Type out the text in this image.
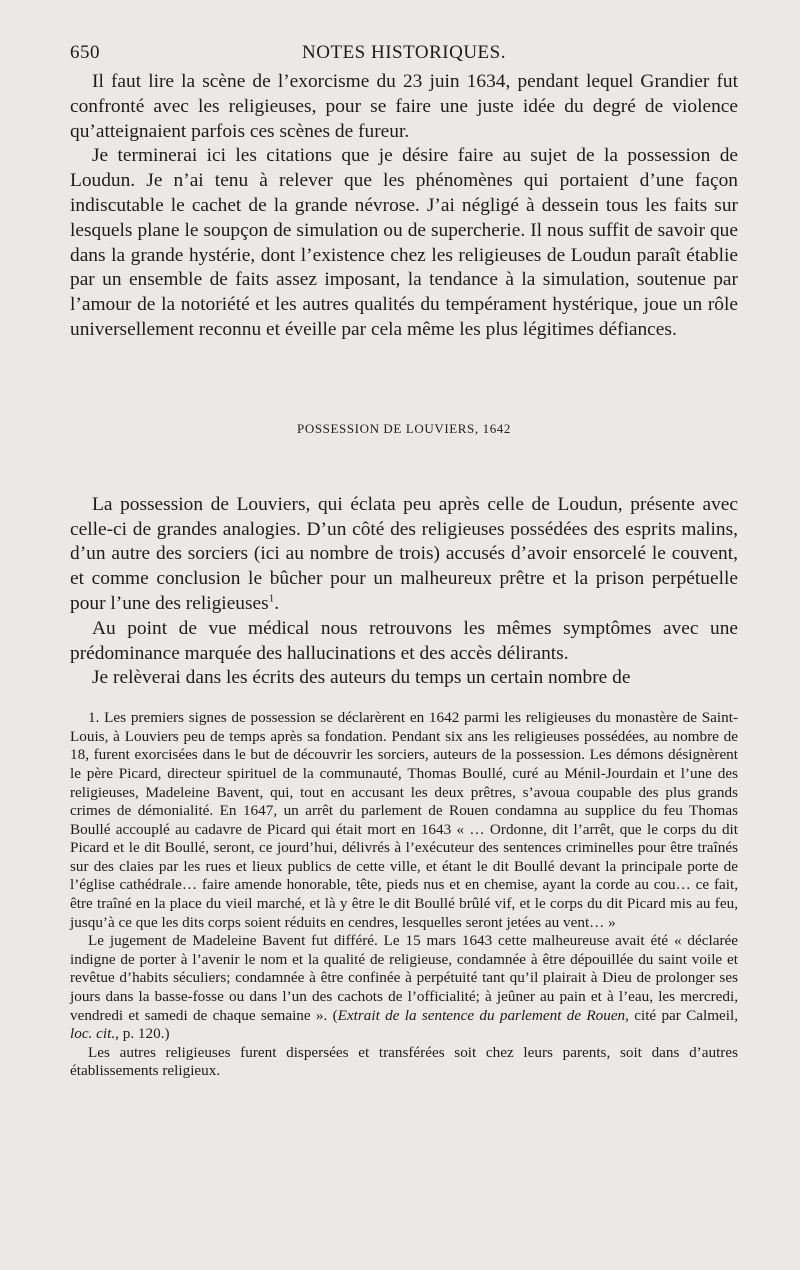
650	NOTES HISTORIQUES.

Il faut lire la scène de l’exorcisme du 23 juin 1634, pendant lequel Grandier fut confronté avec les religieuses, pour se faire une juste idée du degré de violence qu’atteignaient parfois ces scènes de fureur.

Je terminerai ici les citations que je désire faire au sujet de la possession de Loudun. Je n’ai tenu à relever que les phénomènes qui portaient d’une façon indiscutable le cachet de la grande névrose. J’ai négligé à dessein tous les faits sur lesquels plane le soupçon de simulation ou de supercherie. Il nous suffit de savoir que dans la grande hystérie, dont l’existence chez les religieuses de Loudun paraît établie par un ensemble de faits assez imposant, la tendance à la simulation, soutenue par l’amour de la notoriété et les autres qualités du tempérament hystérique, joue un rôle universellement reconnu et éveille par cela même les plus légitimes défiances.

POSSESSION DE LOUVIERS, 1642

La possession de Louviers, qui éclata peu après celle de Loudun, présente avec celle-ci de grandes analogies. D’un côté des religieuses possédées des esprits malins, d’un autre des sorciers (ici au nombre de trois) accusés d’avoir ensorcelé le couvent, et comme conclusion le bûcher pour un malheureux prêtre et la prison perpétuelle pour l’une des religieuses$^1$.

Au point de vue médical nous retrouvons les mêmes symptômes avec une prédominance marquée des hallucinations et des accès délirants.

Je relèverai dans les écrits des auteurs du temps un certain nombre de

1. Les premiers signes de possession se déclarèrent en 1642 parmi les religieuses du monastère de Saint-Louis, à Louviers peu de temps après sa fondation. Pendant six ans les religieuses possédées, au nombre de 18, furent exorcisées dans le but de découvrir les sorciers, auteurs de la possession. Les démons désignèrent le père Picard, directeur spirituel de la communauté, Thomas Boullé, curé au Ménil-Jourdain et l’une des religieuses, Madeleine Bavent, qui, tout en accusant les deux prêtres, s’avoua coupable des plus grands crimes de démonialité. En 1647, un arrêt du parlement de Rouen condamna au supplice du feu Thomas Boullé accouplé au cadavre de Picard qui était mort en 1643 « … Ordonne, dit l’arrêt, que le corps du dit Picard et le dit Boullé, seront, ce jourd’hui, délivrés à l’exécuteur des sentences criminelles pour être traînés sur des claies par les rues et lieux publics de cette ville, et étant le dit Boullé devant la principale porte de l’église cathédrale… faire amende honorable, tête, pieds nus et en chemise, ayant la corde au cou… ce fait, être traîné en la place du vieil marché, et là y être le dit Boullé brûlé vif, et le corps du dit Picard mis au feu, jusqu’à ce que les dits corps soient réduits en cendres, lesquelles seront jetées au vent… »

Le jugement de Madeleine Bavent fut différé. Le 15 mars 1643 cette malheureuse avait été « déclarée indigne de porter à l’avenir le nom et la qualité de religieuse, condamnée à être dépouillée du saint voile et revêtue d’habits séculiers; condamnée à être confinée à perpétuité tant qu’il plairait à Dieu de prolonger ses jours dans la basse-fosse ou dans l’un des cachots de l’officialité; à jeûner au pain et à l’eau, les mercredi, vendredi et samedi de chaque semaine ». (Extrait de la sentence du parlement de Rouen, cité par Calmeil, loc. cit., p. 120.)

Les autres religieuses furent dispersées et transférées soit chez leurs parents, soit dans d’autres établissements religieux.
